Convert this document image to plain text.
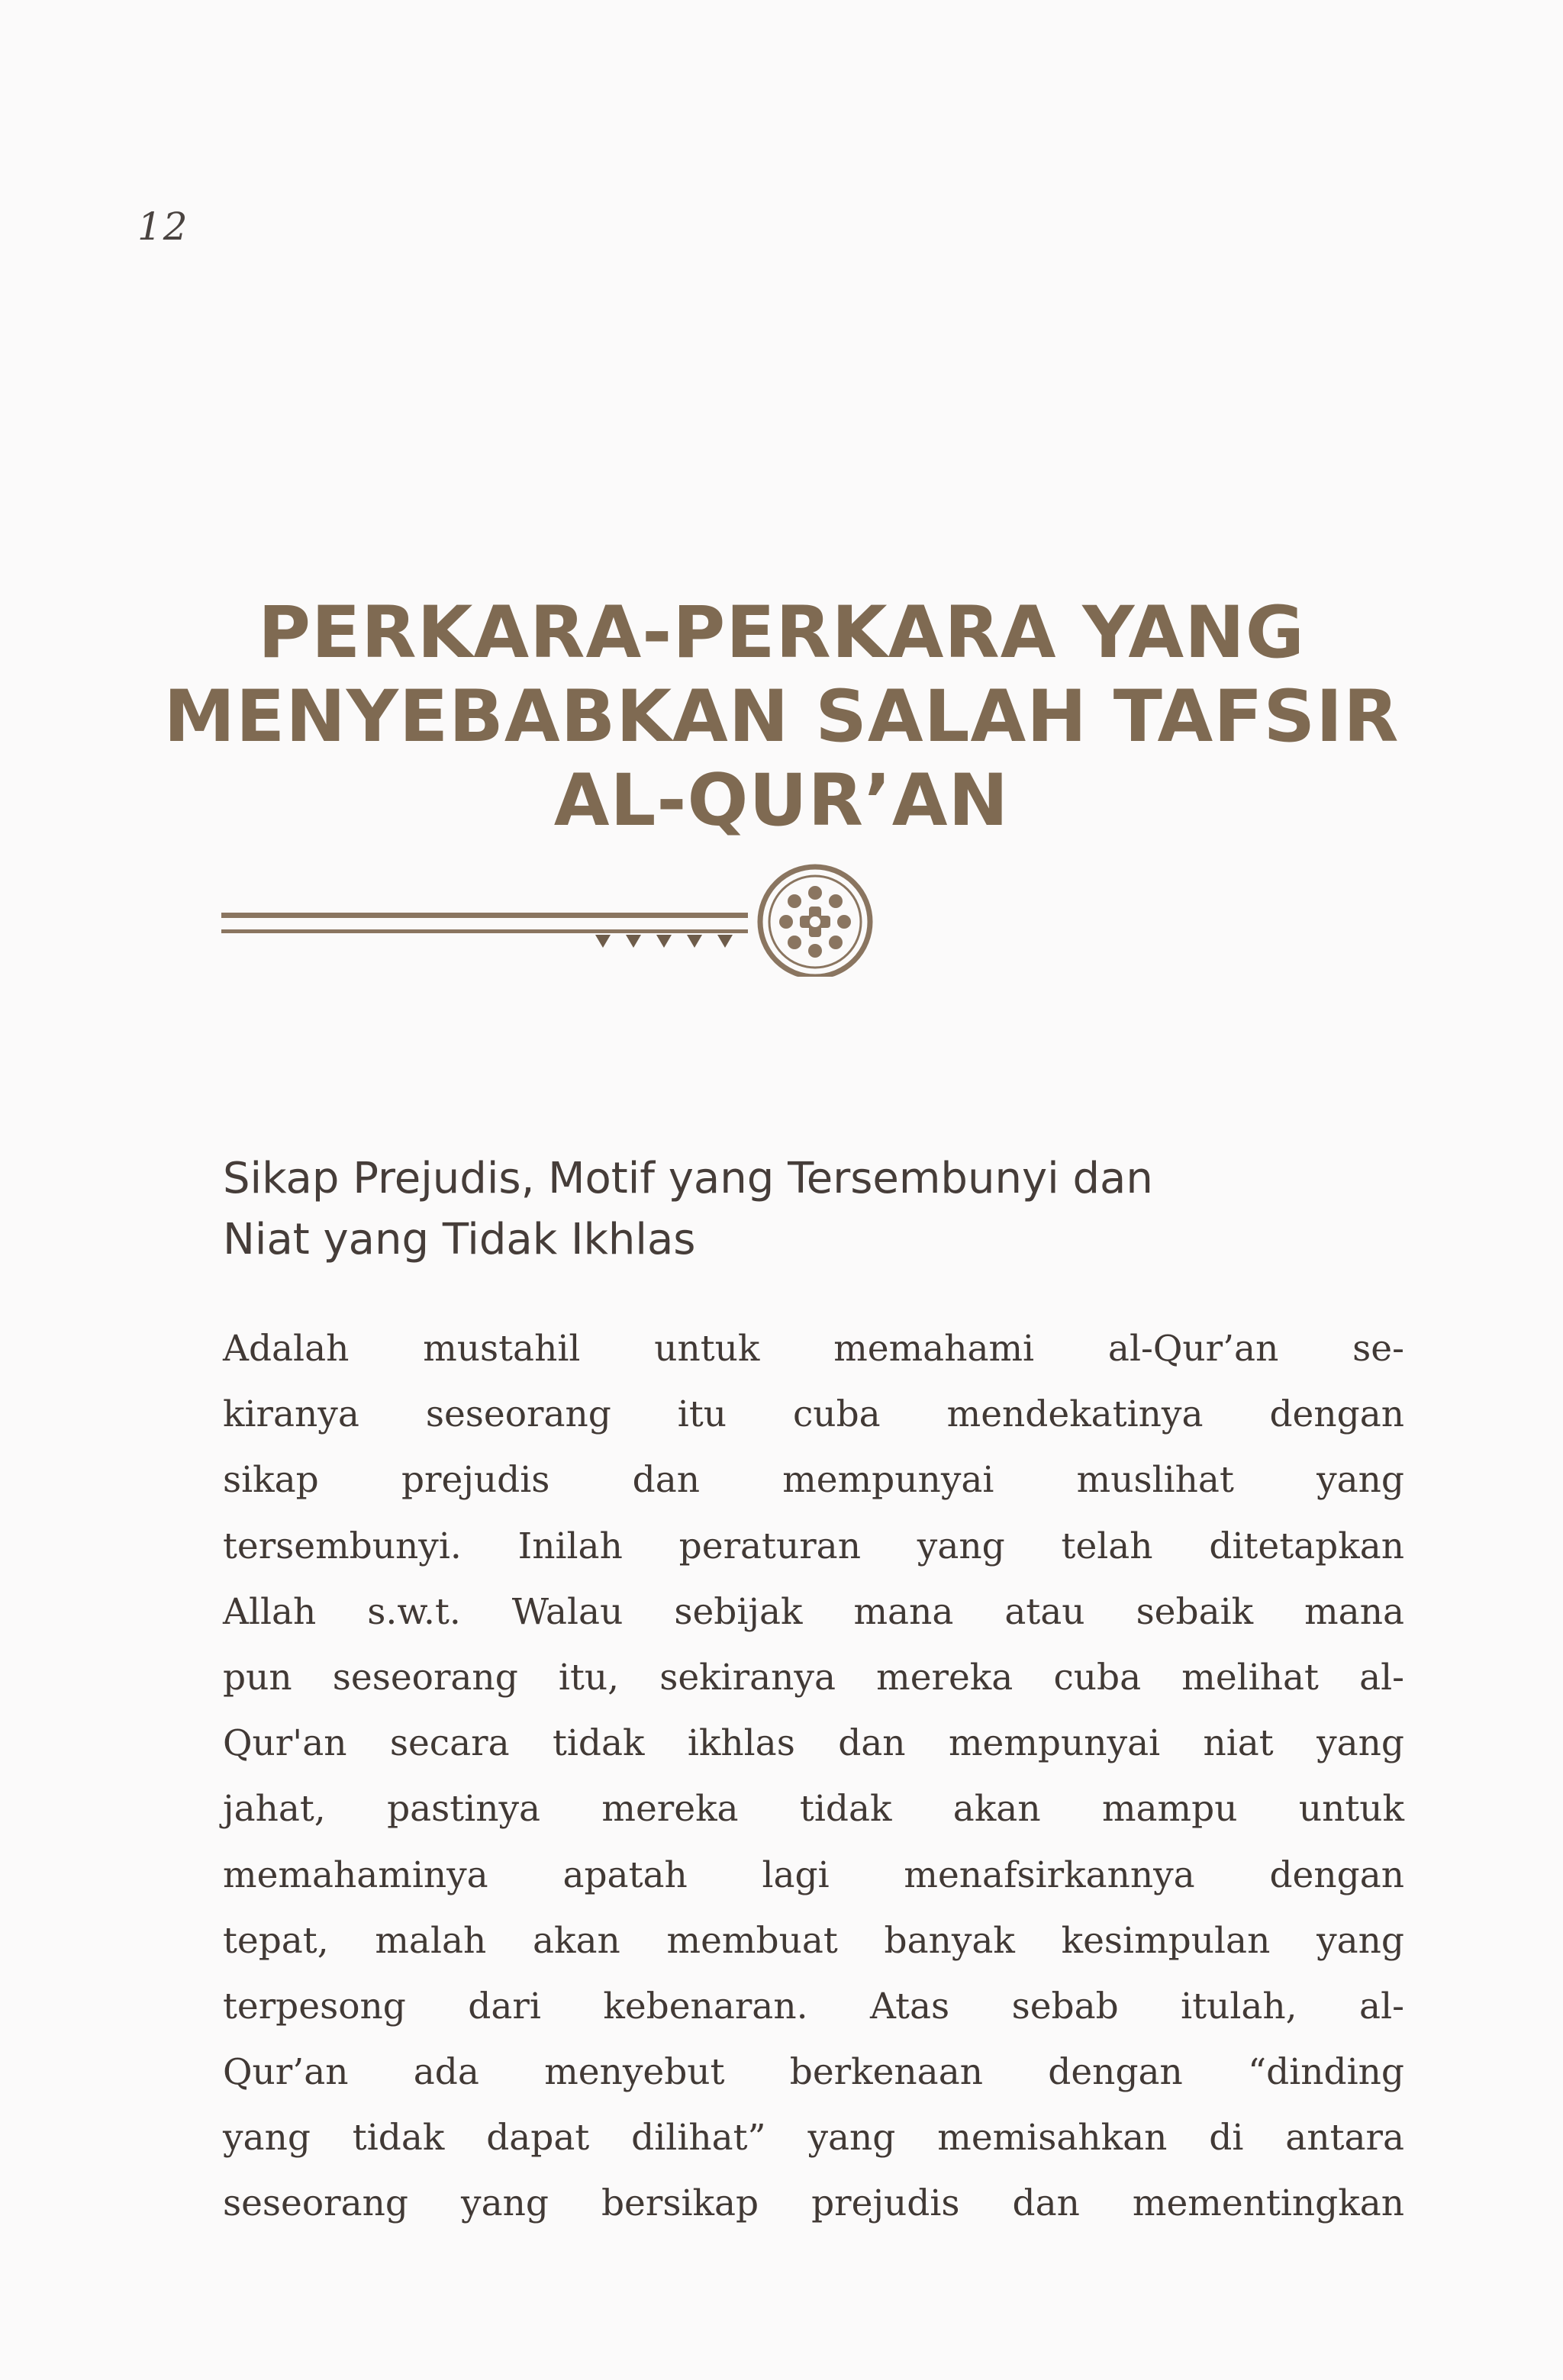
12
PERKARA-PERKARA YANG
MENYEBABKAN SALAH TAFSIR
AL-QUR’AN
Sikap Prejudis, Motif yang Tersembunyi dan
Niat yang Tidak Ikhlas
Adalah mustahil untuk memahami al-Qur’an se-
kiranya seseorang itu cuba mendekatinya dengan
sikap prejudis dan mempunyai muslihat yang
tersembunyi. Inilah peraturan yang telah ditetapkan
Allah s.w.t. Walau sebijak mana atau sebaik mana
pun seseorang itu, sekiranya mereka cuba melihat al-
Qur'an secara tidak ikhlas dan mempunyai niat yang
jahat, pastinya mereka tidak akan mampu untuk
memahaminya apatah lagi menafsirkannya dengan
tepat, malah akan membuat banyak kesimpulan yang
terpesong dari kebenaran. Atas sebab itulah, al-
Qur’an ada menyebut berkenaan dengan “dinding
yang tidak dapat dilihat” yang memisahkan di antara
seseorang yang bersikap prejudis dan mementingkan
